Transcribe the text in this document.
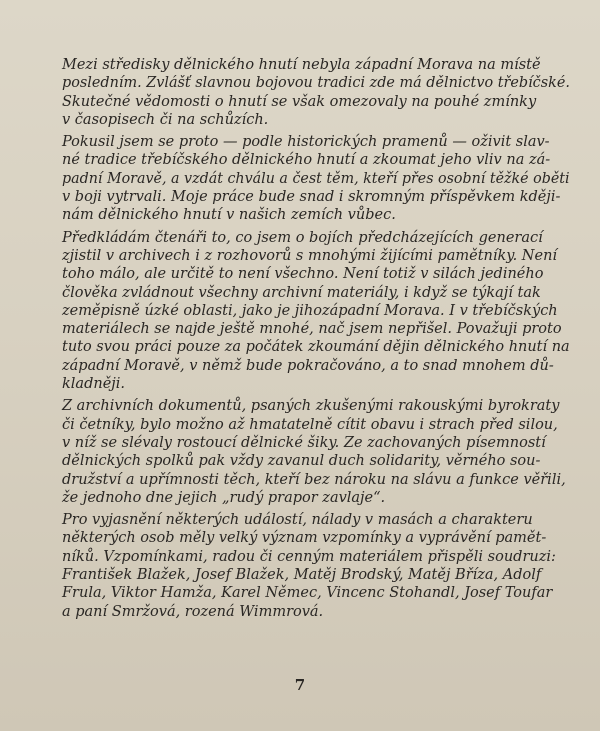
Mezi středisky dělnického hnutí nebyla západní Morava na místě
posledním. Zvlášť slavnou bojovou tradici zde má dělnictvo třebíčské.
Skutečné vědomosti o hnutí se však omezovaly na pouhé zmínky
v časopisech či na schůzích.
Pokusil jsem se proto — podle historických pramenů — oživit slav-
né tradice třebíčského dělnického hnutí a zkoumat jeho vliv na zá-
padní Moravě, a vzdát chválu a čest těm, kteří přes osobní těžké oběti
v boji vytrvali. Moje práce bude snad i skromným příspěvkem kději-
nám dělnického hnutí v našich zemích vůbec.
Předkládám čtenáři to, co jsem o bojích předcházejících generací
zjistil v archivech i z rozhovorů s mnohými žijícími pamětníky. Není
toho málo, ale určitě to není všechno. Není totiž v silách jediného
člověka zvládnout všechny archivní materiály, i když se týkají tak
zeměpisně úzké oblasti, jako je jihozápadní Morava. I v třebíčských
materiálech se najde ještě mnohé, nač jsem nepřišel. Považuji proto
tuto svou práci pouze za počátek zkoumání dějin dělnického hnutí na
západní Moravě, v němž bude pokračováno, a to snad mnohem dů-
kladněji.
Z archivních dokumentů, psaných zkušenými rakouskými byrokraty
či četníky, bylo možno až hmatatelně cítit obavu i strach před silou,
v níž se slévaly rostoucí dělnické šiky. Ze zachovaných písemností
dělnických spolků pak vždy zavanul duch solidarity, věrného sou-
družství a upřímnosti těch, kteří bez nároku na slávu a funkce věřili,
že jednoho dne jejich „rudý prapor zavlaje“.
Pro vyjasnění některých událostí, nálady v masách a charakteru
některých osob měly velký význam vzpomínky a vyprávění pamět-
níků. Vzpomínkami, radou či cenným materiálem přispěli soudruzi:
František Blažek, Josef Blažek, Matěj Brodský, Matěj Bříza, Adolf
Frula, Viktor Hamža, Karel Němec, Vincenc Stohandl, Josef Toufar
a paní Smržová, rozená Wimmrová.
7
